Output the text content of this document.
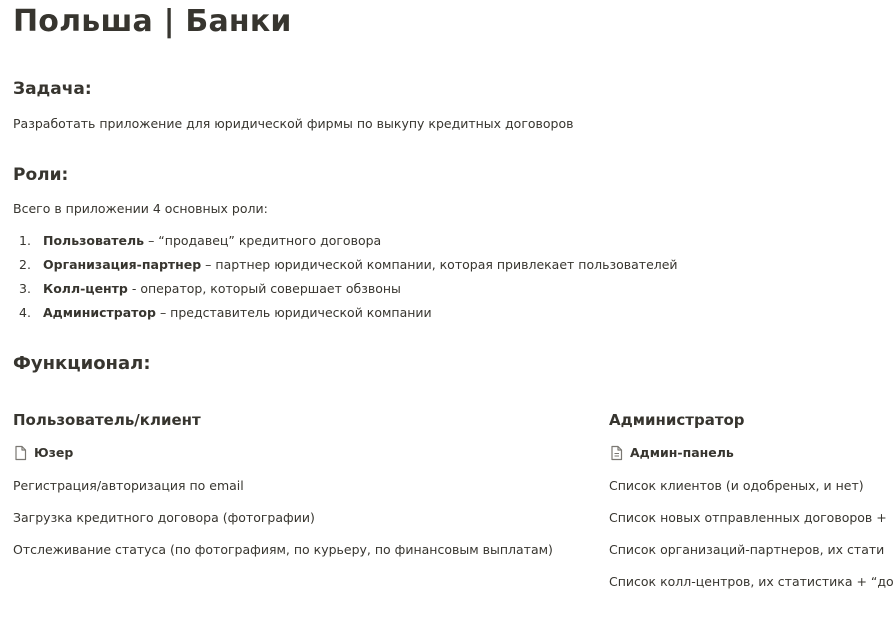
Польша | Банки
Задача:
Разработать приложение для юридической фирмы по выкупу кредитных договоров
Роли:
Всего в приложении 4 основных роли:
1. Пользователь – “продавец” кредитного договора
2. Организация-партнер – партнер юридической компании, которая привлекает пользователей
3. Колл-центр - оператор, который совершает обзвоны
4. Администратор – представитель юридической компании
Функционал:
Пользователь/клиент
Юзер
Регистрация/авторизация по email
Загрузка кредитного договора (фотографии)
Отслеживание статуса (по фотографиям, по курьеру, по финансовым выплатам)
Администратор
Админ-панель
Список клиентов (и одобреных, и нет)
Список новых отправленных договоров +
Список организаций-партнеров, их стати
Список колл-центров, их статистика + “до
